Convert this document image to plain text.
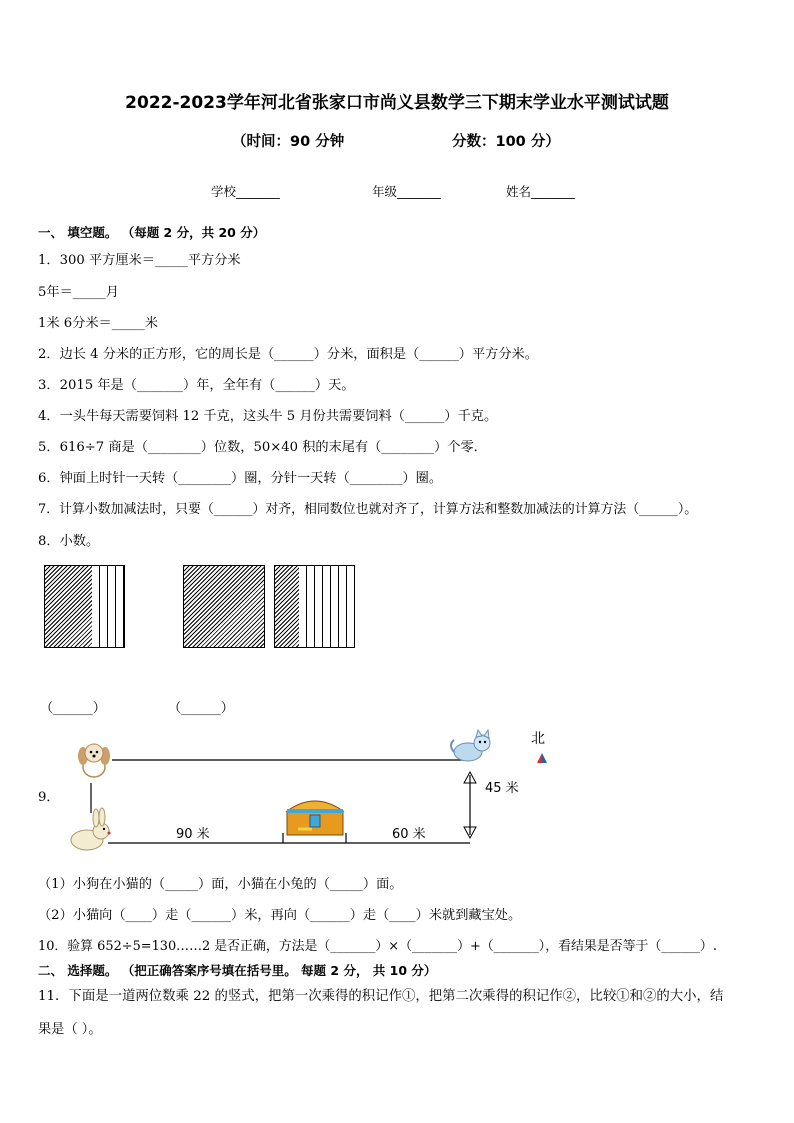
2022-2023学年河北省张家口市尚义县数学三下期末学业水平测试试题
（时间：90 分钟	分数：100 分）
学校_______	年级_______	姓名_______
一、 填空题。 （每题 2 分，共 20 分）
1．300 平方厘米＝_____平方分米
5年＝_____月
1米 6分米＝_____米
2．边长 4 分米的正方形，它的周长是（______）分米，面积是（______）平方分米。
3．2015 年是（_______）年，全年有（______）天。
4．一头牛每天需要饲料 12 千克，这头牛 5 月份共需要饲料（______）千克。
5．616÷7 商是（________）位数，50×40 积的末尾有（________）个零．
6．钟面上时针一天转（________）圈，分针一天转（________）圈。
7．计算小数加减法时，只要（______）对齐，相同数位也就对齐了，计算方法和整数加减法的计算方法（______）。
8．小数。
（______）	（______）
9．
北
45 米
90 米	60 米
（1）小狗在小猫的（_____）面，小猫在小兔的（_____）面。
（2）小猫向（____）走（______）米，再向（______）走（____）米就到藏宝处。
10．验算 652÷5=130……2 是否正确，方法是（_______）×（_______）+（_______），看结果是否等于（______）.
二、 选择题。 （把正确答案序号填在括号里。 每题 2 分， 共 10 分）
11．下面是一道两位数乘 22 的竖式，把第一次乘得的积记作①，把第二次乘得的积记作②，比较①和②的大小，结
果是（ ）。
